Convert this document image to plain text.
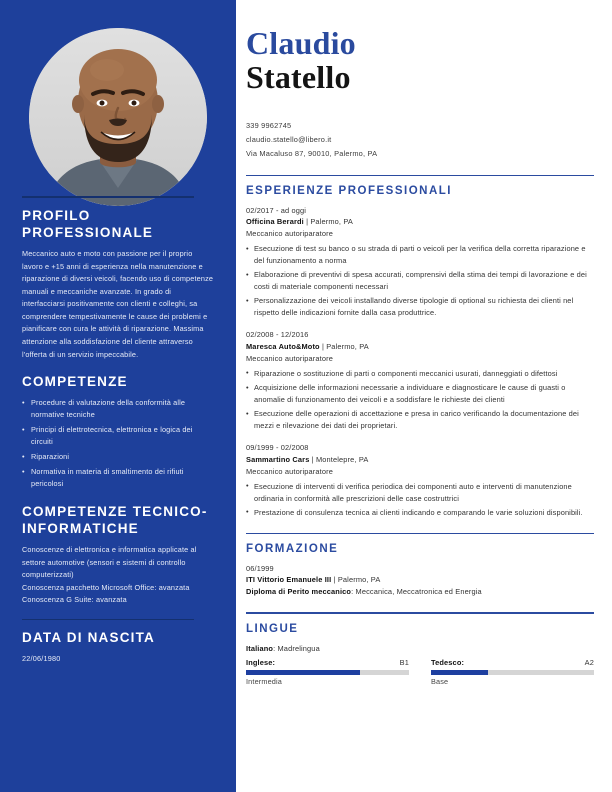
PROFILO PROFESSIONALE

Meccanico auto e moto con passione per il proprio lavoro e +15 anni di esperienza nella manutenzione e riparazione di diversi veicoli, facendo uso di competenze manuali e meccaniche avanzate. In grado di interfacciarsi positivamente con clienti e colleghi, sa comprendere tempestivamente le cause dei problemi e pianificare con cura le attività di riparazione. Massima attenzione alla soddisfazione del cliente attraverso l'offerta di un servizio impeccabile.

COMPETENZE
• Procedure di valutazione della conformità alle normative tecniche
• Principi di elettrotecnica, elettronica e logica dei circuiti
• Riparazioni
• Normativa in materia di smaltimento dei rifiuti pericolosi
COMPETENZE TECNICO-INFORMATICHE

Conoscenze di elettronica e informatica applicate al settore automotive (sensori e sistemi di controllo computerizzati)

Conoscenza pacchetto Microsoft Office: avanzata

Conoscenza G Suite: avanzata

DATA DI NASCITA
22/06/1980
Claudio
Statello
339 9962745
claudio.statello@libero.it
Via Macaluso 87, 90010, Palermo, PA
ESPERIENZE PROFESSIONALI
02/2017 - ad oggi
Officina Berardi | Palermo, PA
Meccanico autoriparatore
• Esecuzione di test su banco o su strada di parti o veicoli per la verifica della corretta riparazione e del funzionamento a norma
• Elaborazione di preventivi di spesa accurati, comprensivi della stima dei tempi di lavorazione e dei costi di materiale componenti necessari
• Personalizzazione dei veicoli installando diverse tipologie di optional su richiesta dei clienti nel rispetto delle indicazioni fornite dalla casa produttrice.
02/2008 - 12/2016
Maresca Auto&Moto | Palermo, PA
Meccanico autoriparatore
• Riparazione o sostituzione di parti o componenti meccanici usurati, danneggiati o difettosi
• Acquisizione delle informazioni necessarie a individuare e diagnosticare le cause di guasti o anomalie di funzionamento dei veicoli e a soddisfare le richieste dei clienti
• Esecuzione delle operazioni di accettazione e presa in carico verificando la documentazione dei mezzi e rilevazione dei dati dei proprietari.
09/1999 - 02/2008
Sammartino Cars | Montelepre, PA
Meccanico autoriparatore
• Esecuzione di interventi di verifica periodica dei componenti auto e interventi di manutenzione ordinaria in conformità alle prescrizioni delle case costruttrici
• Prestazione di consulenza tecnica ai clienti indicando e comparando le varie soluzioni disponibili.
FORMAZIONE
06/1999
ITI Vittorio Emanuele III | Palermo, PA
Diploma di Perito meccanico: Meccanica, Meccatronica ed Energia
LINGUE
Italiano: Madrelingua
Inglese:	B1
Intermedia
Tedesco:	A2
Base
